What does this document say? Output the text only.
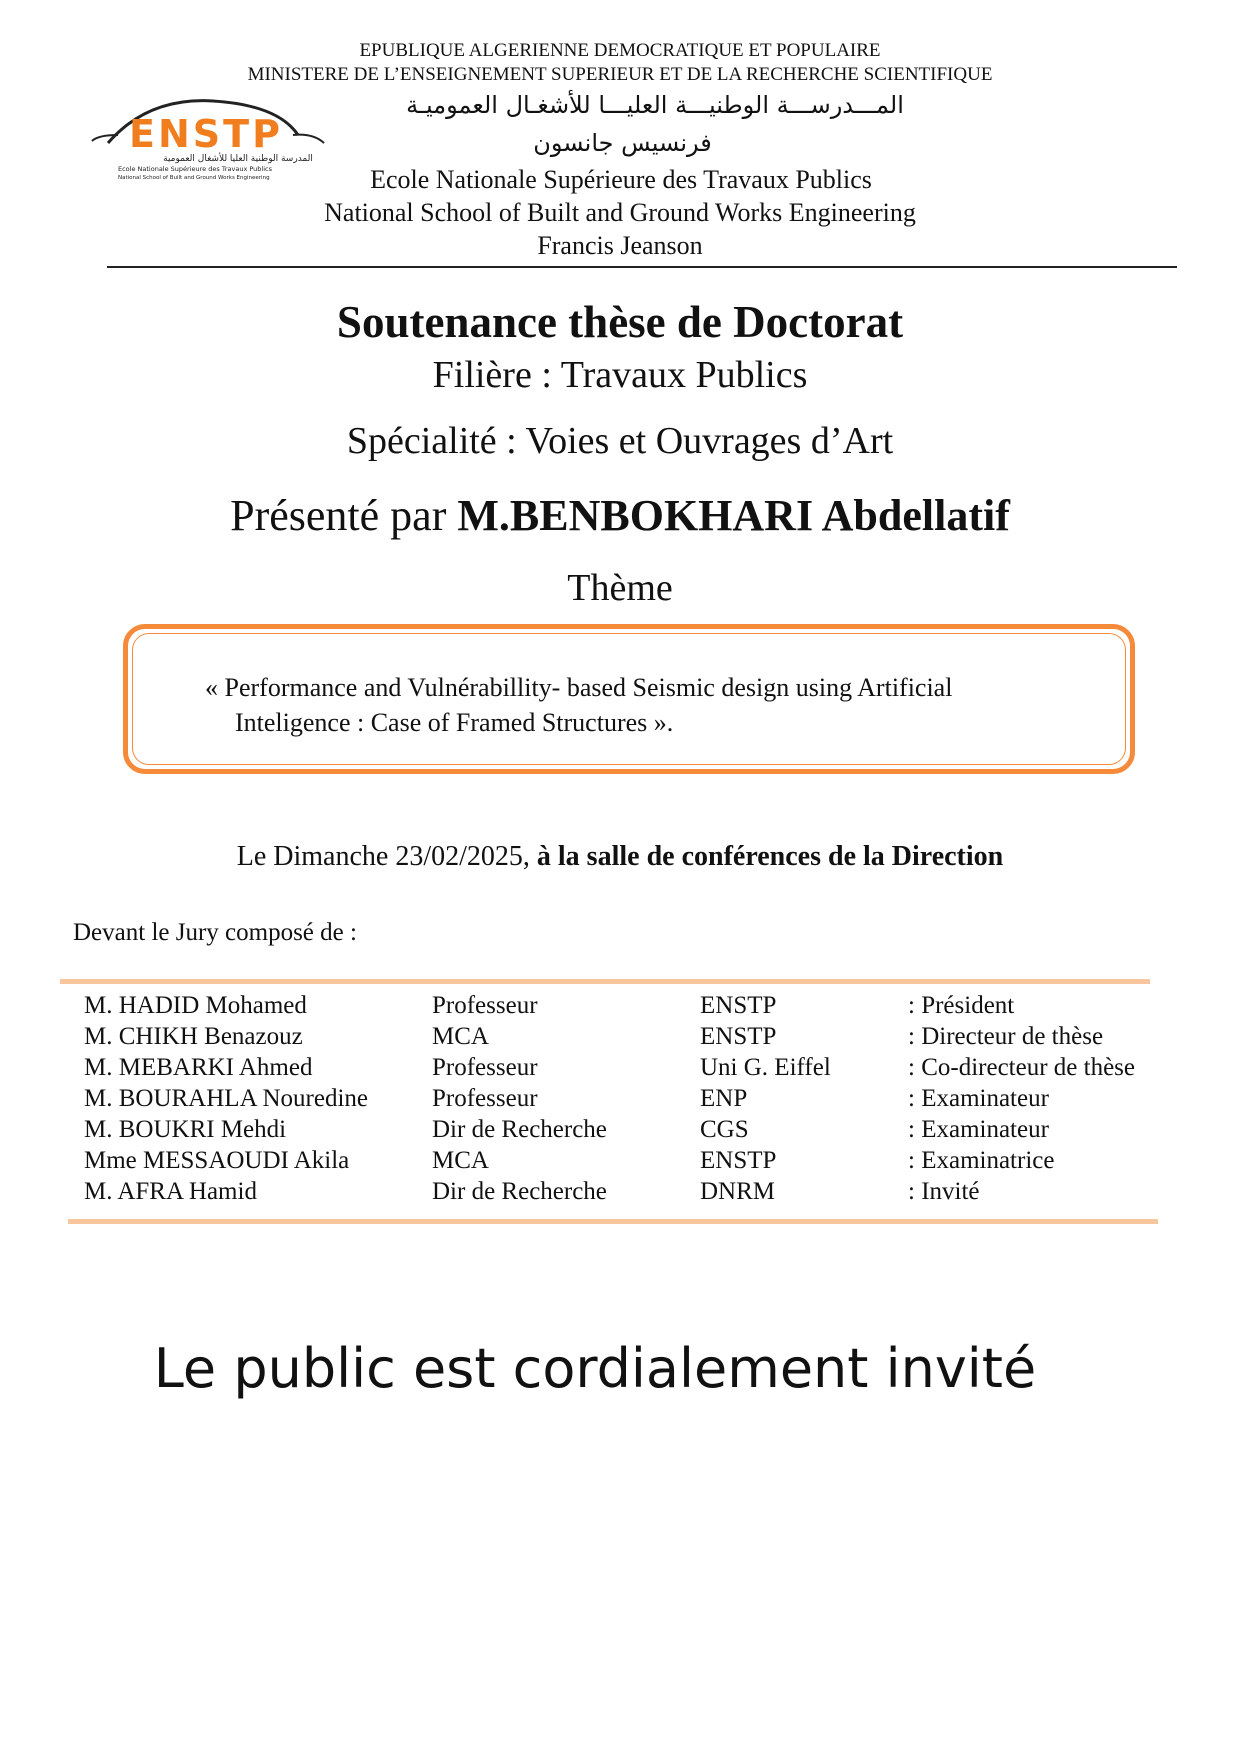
EPUBLIQUE ALGERIENNE DEMOCRATIQUE ET POPULAIRE
MINISTERE DE L’ENSEIGNEMENT SUPERIEUR ET DE LA RECHERCHE SCIENTIFIQUE
المـــدرســـة الوطنيـــة العليـــا للأشغـال العموميـة
فرنسيس جانسون
Ecole Nationale Supérieure des Travaux Publics
National School of Built and Ground Works Engineering
Francis Jeanson
ENSTP
المدرسة الوطنية العليا للأشغال العمومية
Ecole Nationale Supérieure des Travaux Publics
National School of Built and Ground Works Engineering
Soutenance thèse de Doctorat
Filière : Travaux Publics
Spécialité : Voies et Ouvrages d’Art
Présenté par M.BENBOKHARI Abdellatif
Thème
« Performance and Vulnérabillity- based Seismic design using Artificial
Inteligence : Case of Framed Structures ».
Le Dimanche 23/02/2025, à la salle de conférences de la Direction
Devant le Jury composé de :
M. HADID Mohamed	Professeur	ENSTP	: Président
M. CHIKH Benazouz	MCA	ENSTP	: Directeur de thèse
M. MEBARKI Ahmed	Professeur	Uni G. Eiffel	: Co-directeur de thèse
M. BOURAHLA Nouredine	Professeur	ENP	: Examinateur
M. BOUKRI Mehdi	Dir de Recherche	CGS	: Examinateur
Mme MESSAOUDI Akila	MCA	ENSTP	: Examinatrice
M. AFRA Hamid	Dir de Recherche	DNRM	: Invité
Le public est cordialement invité
